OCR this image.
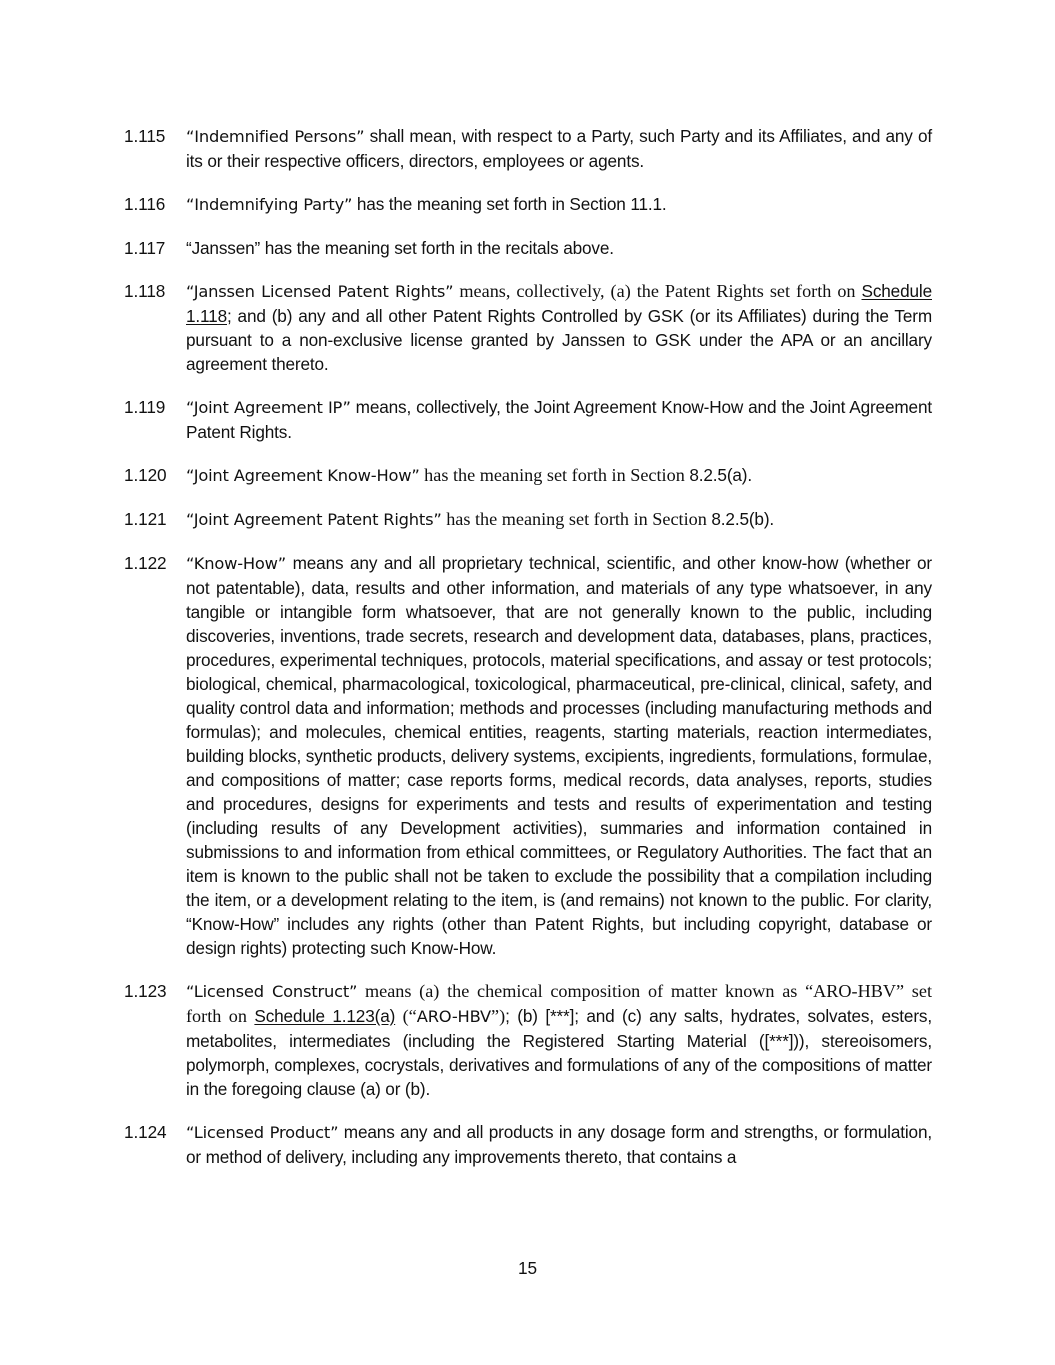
1.115	“Indemnified Persons” shall mean, with respect to a Party, such Party and its Affiliates, and any of its or their respective officers, directors, employees or agents.
1.116	“Indemnifying Party” has the meaning set forth in Section 11.1.
1.117	“Janssen” has the meaning set forth in the recitals above.
1.118	“Janssen Licensed Patent Rights” means, collectively, (a) the Patent Rights set forth on Schedule 1.118; and (b) any and all other Patent Rights Controlled by GSK (or its Affiliates) during the Term pursuant to a non-exclusive license granted by Janssen to GSK under the APA or an ancillary agreement thereto.
1.119	“Joint Agreement IP” means, collectively, the Joint Agreement Know-How and the Joint Agreement Patent Rights.
1.120	“Joint Agreement Know-How” has the meaning set forth in Section 8.2.5(a).
1.121	“Joint Agreement Patent Rights” has the meaning set forth in Section 8.2.5(b).
1.122	“Know-How” means any and all proprietary technical, scientific, and other know-how (whether or not patentable), data, results and other information, and materials of any type whatsoever, in any tangible or intangible form whatsoever, that are not generally known to the public, including discoveries, inventions, trade secrets, research and development data, databases, plans, practices, procedures, experimental techniques, protocols, material specifications, and assay or test protocols; biological, chemical, pharmacological, toxicological, pharmaceutical, pre-clinical, clinical, safety, and quality control data and information; methods and processes (including manufacturing methods and formulas); and molecules, chemical entities, reagents, starting materials, reaction intermediates, building blocks, synthetic products, delivery systems, excipients, ingredients, formulations, formulae, and compositions of matter; case reports forms, medical records, data analyses, reports, studies and procedures, designs for experiments and tests and results of experimentation and testing (including results of any Development activities), summaries and information contained in submissions to and information from ethical committees, or Regulatory Authorities. The fact that an item is known to the public shall not be taken to exclude the possibility that a compilation including the item, or a development relating to the item, is (and remains) not known to the public. For clarity, “Know-How” includes any rights (other than Patent Rights, but including copyright, database or design rights) protecting such Know-How.
1.123	“Licensed Construct” means (a) the chemical composition of matter known as “ARO-HBV” set forth on Schedule 1.123(a) (“ARO-HBV”); (b) [***]; and (c) any salts, hydrates, solvates, esters, metabolites, intermediates (including the Registered Starting Material ([***])), stereoisomers, polymorph, complexes, cocrystals, derivatives and formulations of any of the compositions of matter in the foregoing clause (a) or (b).
1.124	“Licensed Product” means any and all products in any dosage form and strengths, or formulation, or method of delivery, including any improvements thereto, that contains a
15
